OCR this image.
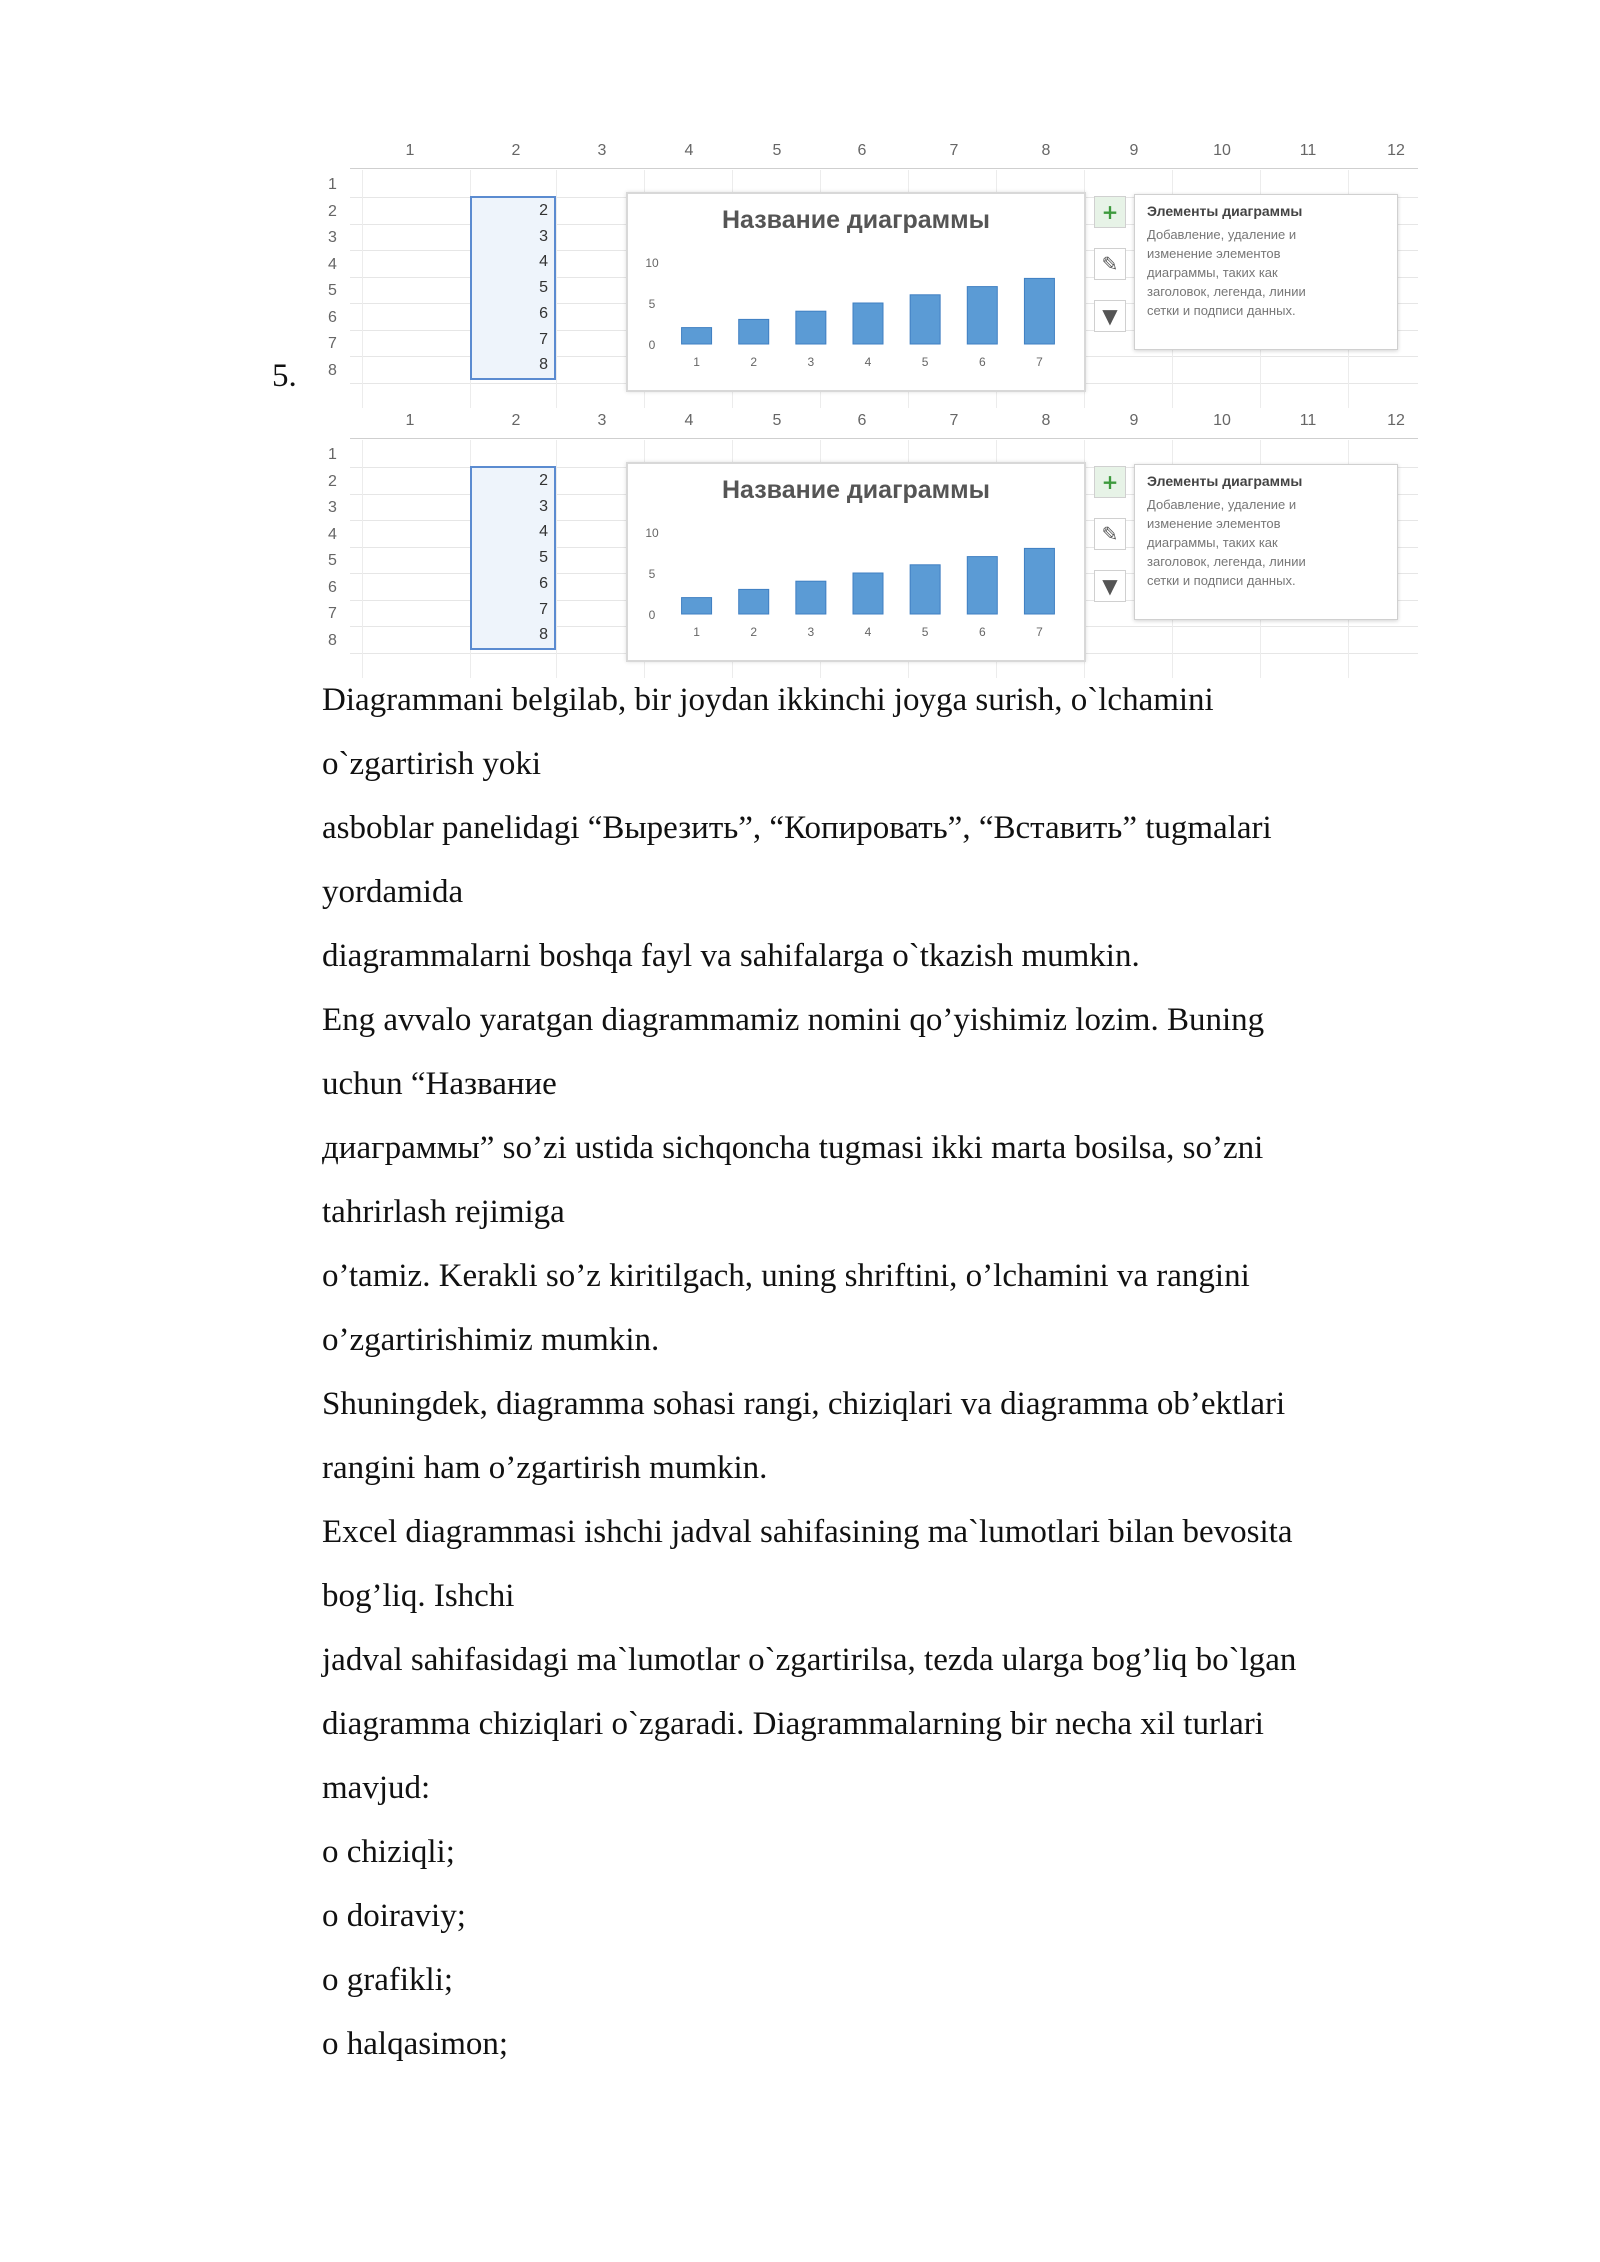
5.
1	2	3	4	5	6	7	8	9	10	11	12
1
2
3
4
5
6
7
8
2
3
4
5
6
7
8
Название диаграммы
0
5
10
1	2	3	4	5	6	7
+
✎
▼
Элементы диаграммы
Добавление, удаление и
изменение элементов
диаграммы, таких как
заголовок, легенда, линии
сетки и подписи данных.
1	2	3	4	5	6	7	8	9	10	11	12
1
2
3
4
5
6
7
8
2
3
4
5
6
7
8
Название диаграммы
0
5
10
1	2	3	4	5	6	7
+
✎
▼
Элементы диаграммы
Добавление, удаление и
изменение элементов
диаграммы, таких как
заголовок, легенда, линии
сетки и подписи данных.

Diagrammani belgilab, bir joydan ikkinchi joyga surish, o`lchamini

o`zgartirish yoki

asboblar panelidagi “Вырезить”, “Копировать”, “Вставить” tugmalari

yordamida

diagrammalarni boshqa fayl va sahifalarga o`tkazish mumkin.

Eng avvalo yaratgan diagrammamiz nomini qo’yishimiz lozim. Buning

uchun “Название

диаграммы” so’zi ustida sichqoncha tugmasi ikki marta bosilsa, so’zni

tahrirlash rejimiga

o’tamiz. Kerakli so’z kiritilgach, uning shriftini, o’lchamini va rangini

o’zgartirishimiz mumkin.

Shuningdek, diagramma sohasi rangi, chiziqlari va diagramma ob’ektlari

rangini ham o’zgartirish mumkin.

Excel diagrammasi ishchi jadval sahifasining ma`lumotlari bilan bevosita

bog’liq. Ishchi

jadval sahifasidagi ma`lumotlar o`zgartirilsa, tezda ularga bog’liq bo`lgan

diagramma chiziqlari o`zgaradi. Diagrammalarning bir necha xil turlari

mavjud:

o chiziqli;

o doiraviy;

o grafikli;

o halqasimon;
